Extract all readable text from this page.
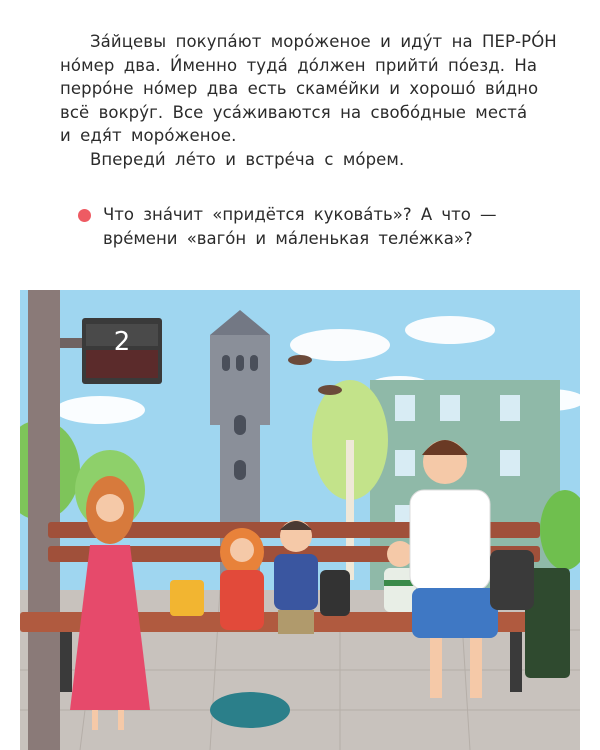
За́йцевы покупа́ют моро́женое и иду́т на ПЕР-РО́Н
но́мер два. И́менно туда́ до́лжен прийти́ по́езд. На
перро́не но́мер два есть скаме́йки и хорошо́ ви́дно
всё вокру́г. Все уса́живаются на свобо́дные места́
и едя́т моро́женое.

Впереди́ ле́то и встре́ча с мо́рем.

Что зна́чит «придётся кукова́ть»? А что —

вре́мени «ваго́н и ма́ленькая теле́жка»?

2
